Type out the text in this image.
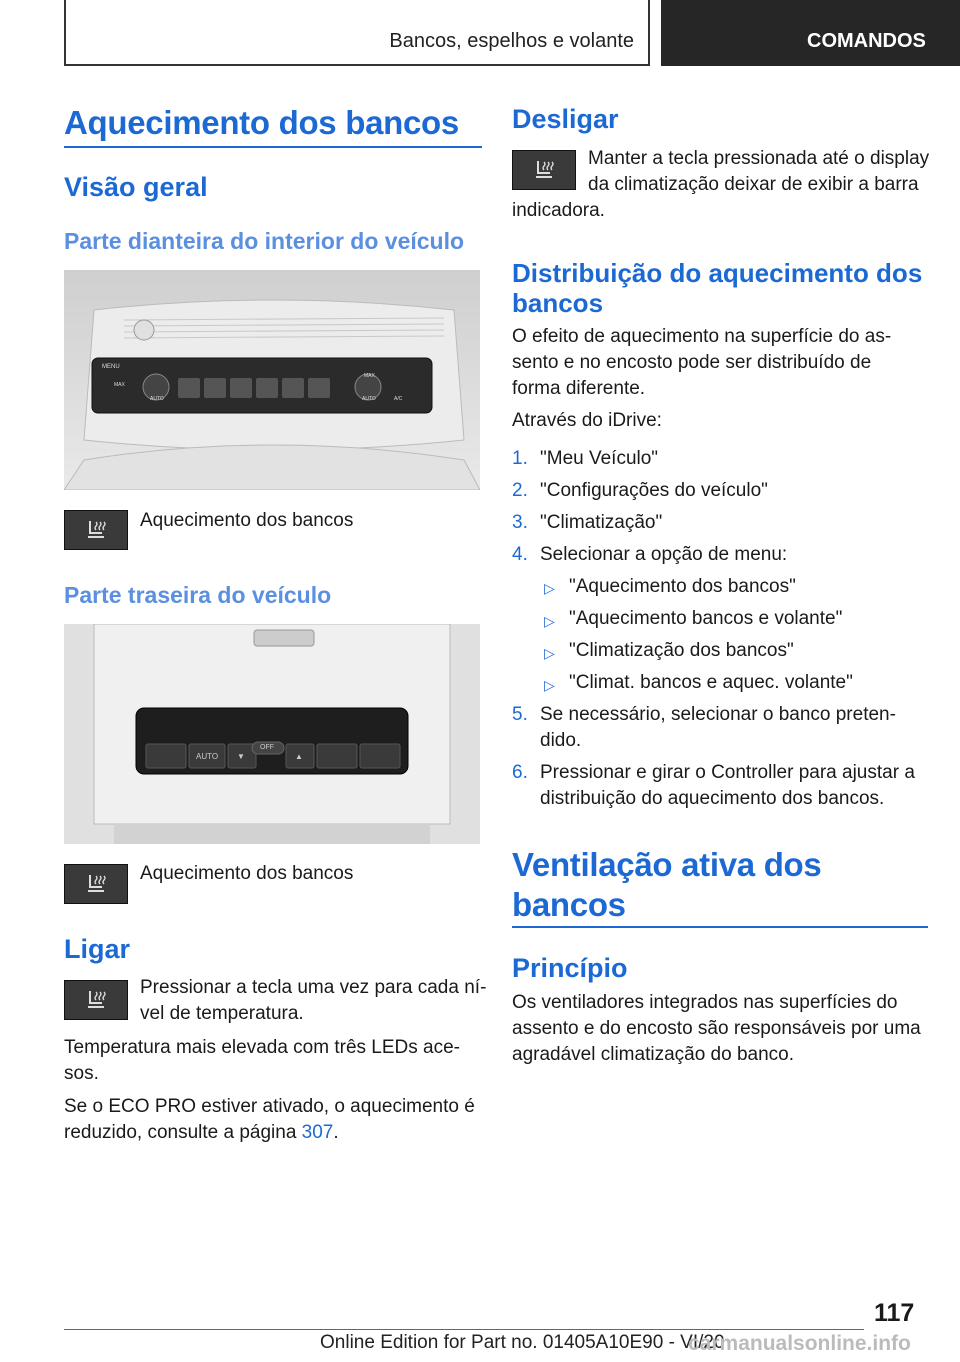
Bancos, espelhos e volante	COMANDOS
Aquecimento dos bancos
Visão geral
Parte dianteira do interior do veículo
MENU
AUTO	AUTO
MAX
A/C
MAX
Aquecimento dos bancos
Parte traseira do veículo
AUTO ▼
OFF
▲
Aquecimento dos bancos
Ligar
Pressionar a tecla uma vez para cada ní-
vel de temperatura.
Temperatura mais elevada com três LEDs ace-
sos.
Se o ECO PRO estiver ativado, o aquecimento é
reduzido, consulte a página 307.
Desligar
Manter a tecla pressionada até o display
da climatização deixar de exibir a barra
indicadora.
Distribuição do aquecimento dos
bancos
O efeito de aquecimento na superfície do as-
sento e no encosto pode ser distribuído de
forma diferente.
Através do iDrive:
1. "Meu Veículo"
2. "Configurações do veículo"
3. "Climatização"
4. Selecionar a opção de menu:
▷ "Aquecimento dos bancos"
▷ "Aquecimento bancos e volante"
▷ "Climatização dos bancos"
▷ "Climat. bancos e aquec. volante"
5. Se necessário, selecionar o banco preten-
dido.
6. Pressionar e girar o Controller para ajustar a
distribuição do aquecimento dos bancos.
Ventilação ativa dos
bancos
Princípio
Os ventiladores integrados nas superfícies do
assento e do encosto são responsáveis por uma
agradável climatização do banco.
117
Online Edition for Part no. 01405A10E90 - VI/20
carmanualsonline.info
